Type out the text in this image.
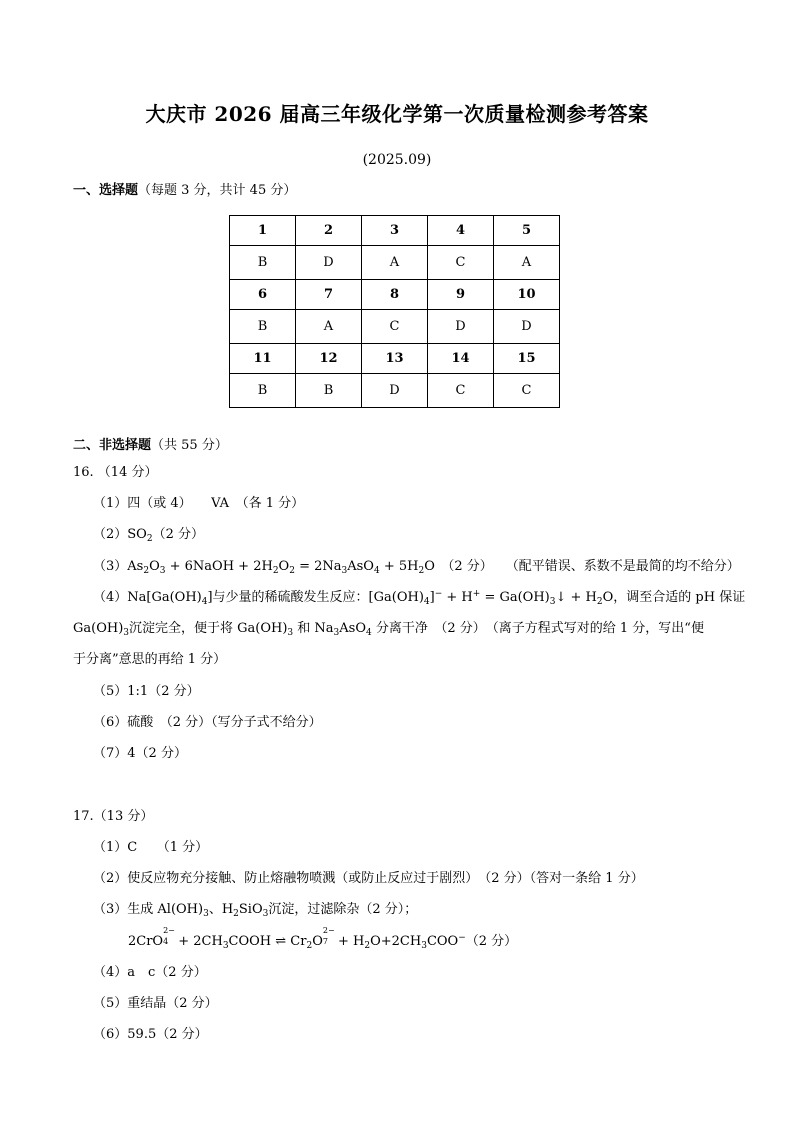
大庆市 2026 届高三年级化学第一次质量检测参考答案
(2025.09)
一、选择题（每题 3 分，共计 45 分）
1	2	3	4	5
B	D	A	C	A
6	7	8	9	10
B	A	C	D	D
11	12	13	14	15
B	B	D	C	C
二、非选择题（共 55 分）
16. （14 分）
（1）四（或 4）　　VA　（各 1 分）
$(2)SO_2(2$ 分）
$(3)As_2O_3$ + 6NaOH + $2H_2O_2 = 2Na_3AsO_4 + 5H_2O$　（2 分）　　（配平错误、系数不是最简的均不给分）
$(4)Na[Ga(OH)_4]$与少量的稀硫酸发生反应：$[Ga(OH)_4]^- + H^+$ = $Ga(OH)_3↓ + H_2O$，调至合适的 pH 保证
$Ga(OH)_3$沉淀完全，便于将 $Ga(OH)_3$ 和 $Na_3AsO_4$ 分离干净　（2 分）　（离子方程式写对的给 1 分，写出“便
于分离”意思的再给 1 分）
（5）1:1（2 分）
（6）硫酸　（2 分）（写分子式不给分）
（7）4（2 分）
17.（13 分）
（1）C　　（1 分）
（2）使反应物充分接触、防止熔融物喷溅（或防止反应过于剧烈）　（2 分）（答对一条给 1 分）
（3）生成 $Al(OH)_3$、$H_2SiO_3$沉淀，过滤除杂（2 分）；
2CrO
2−
$4 + 2CH_3COOH$ ⇌ $Cr_2O$
2−
$7 + H_2O+2CH_3COO^-(2$ 分）
（4）a　c（2 分）
（5）重结晶（2 分）
（6）59.5（2 分）
